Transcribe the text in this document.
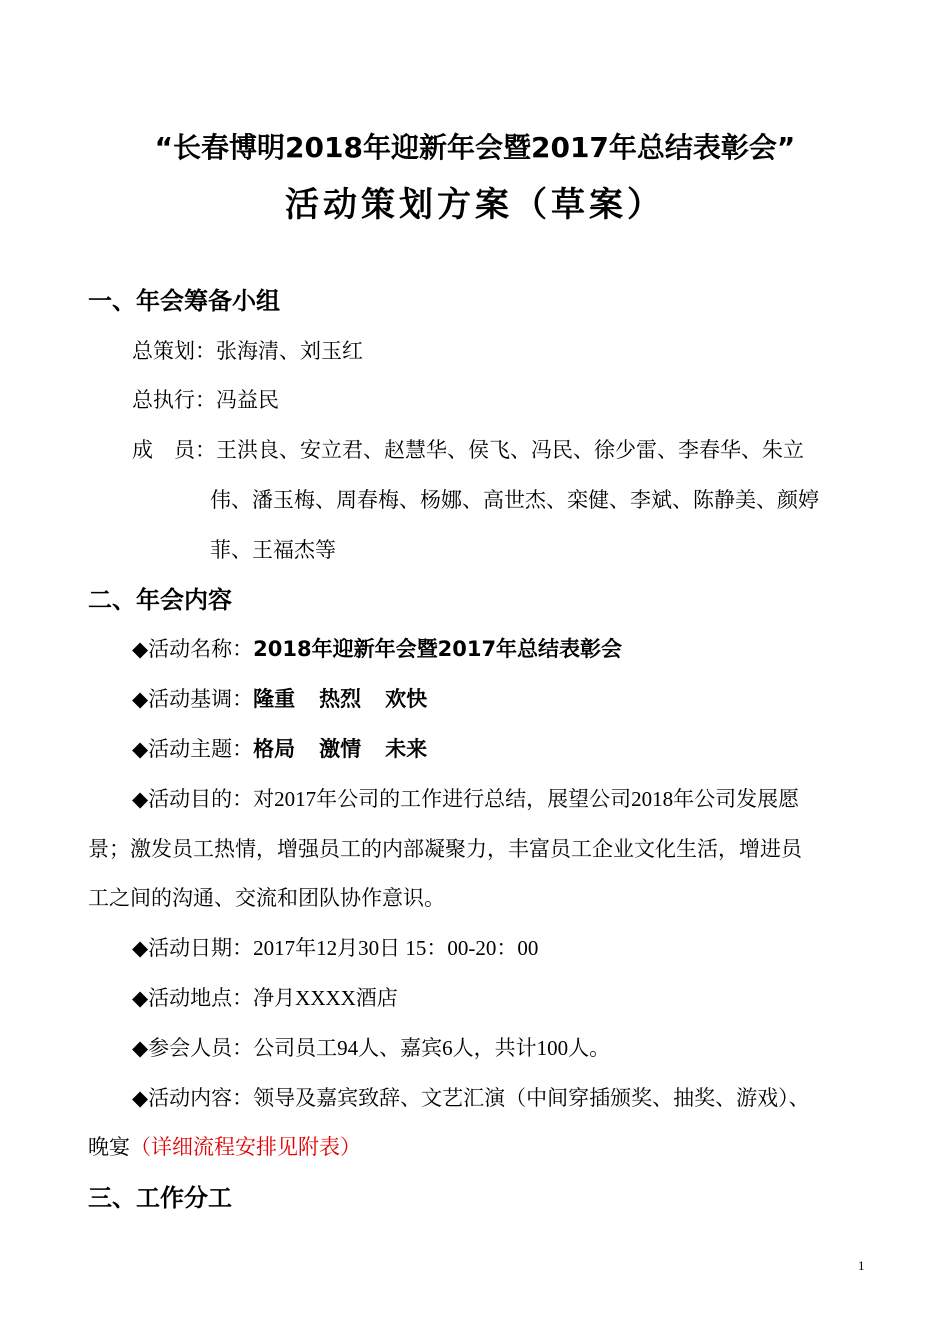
“长春博明2018年迎新年会暨2017年总结表彰会”
活动策划方案（草案）
一、年会筹备小组
总策划：张海清、刘玉红
总执行：冯益民
成　员：王洪良、安立君、赵慧华、侯飞、冯民、徐少雷、李春华、朱立
伟、潘玉梅、周春梅、杨娜、高世杰、栾健、李斌、陈静美、颜婷
菲、王福杰等
二、年会内容
◆活动名称：2018年迎新年会暨2017年总结表彰会
◆活动基调：隆重 热烈 欢快
◆活动主题：格局 激情 未来
◆活动目的：对2017年公司的工作进行总结，展望公司2018年公司发展愿
景；激发员工热情，增强员工的内部凝聚力，丰富员工企业文化生活，增进员
工之间的沟通、交流和团队协作意识。
◆活动日期：2017年12月30日 15：00-20：00
◆活动地点：净月XXXX酒店
◆参会人员：公司员工94人、嘉宾6人，共计100人。
◆活动内容：领导及嘉宾致辞、文艺汇演（中间穿插颁奖、抽奖、游戏）、
晚宴（详细流程安排见附表）
三、工作分工
1
